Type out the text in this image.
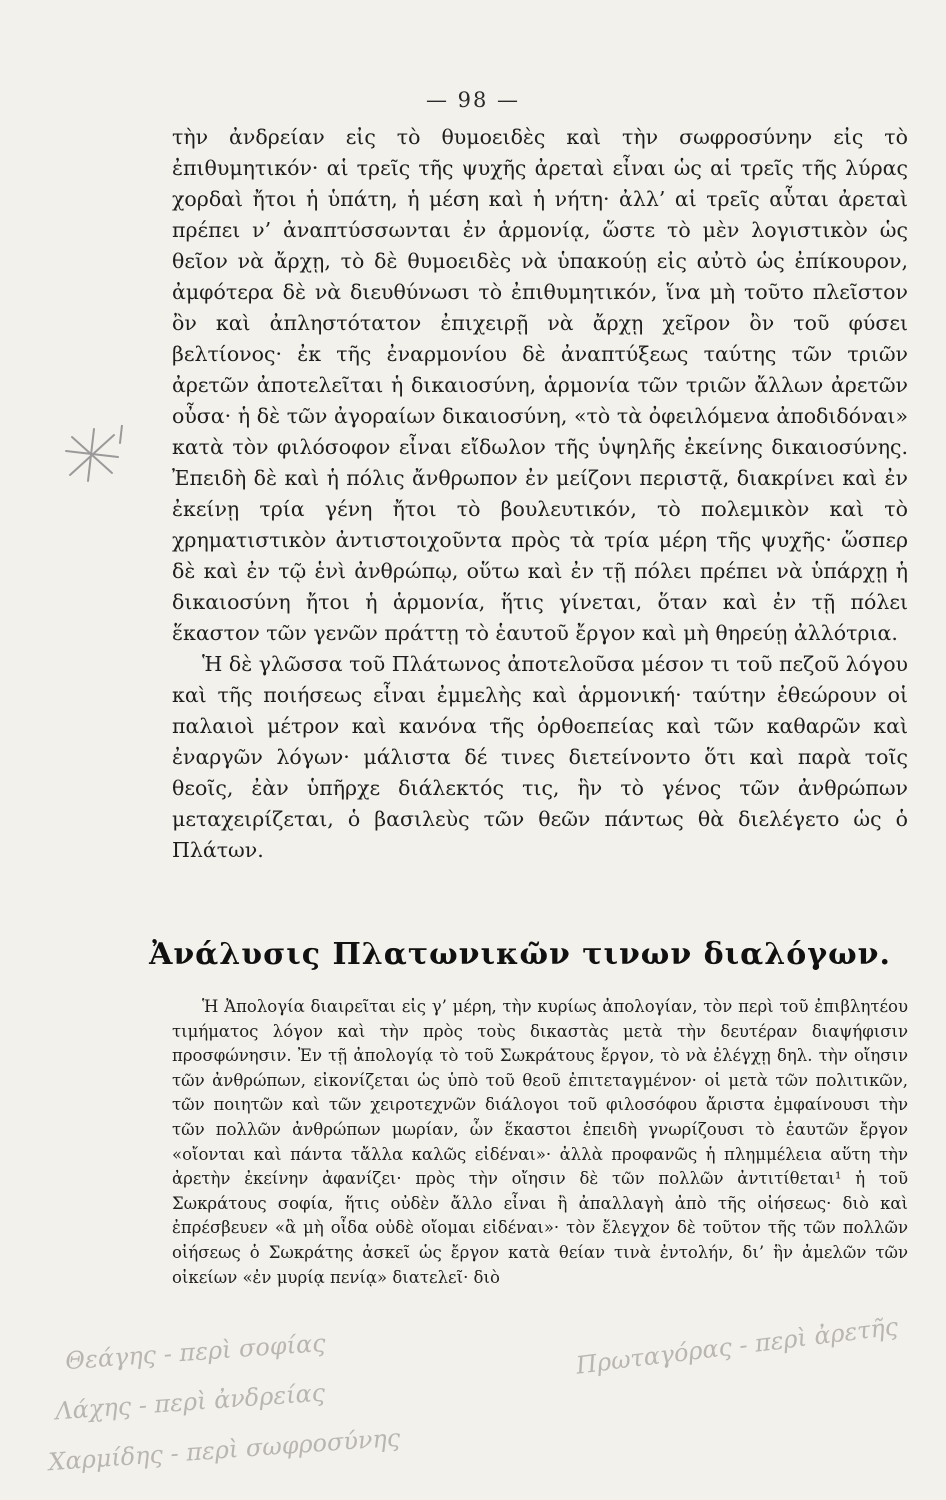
— 98 —

τὴν ἀνδρείαν εἰς τὸ θυμοειδὲς καὶ τὴν σωφροσύνην εἰς τὸ ἐπιθυμητικόν· αἱ τρεῖς τῆς ψυχῆς ἀρεταὶ εἶναι ὡς αἱ τρεῖς τῆς λύρας χορδαὶ ἤτοι ἡ ὑπάτη, ἡ μέση καὶ ἡ νήτη· ἀλλ’ αἱ τρεῖς αὗται ἀρεταὶ πρέπει ν’ ἀναπτύσσωνται ἐν ἁρμονίᾳ, ὥστε τὸ μὲν λογιστικὸν ὡς θεῖον νὰ ἄρχῃ, τὸ δὲ θυμοειδὲς νὰ ὑπακούῃ εἰς αὐτὸ ὡς ἐπίκουρον, ἀμφότερα δὲ νὰ διευθύνωσι τὸ ἐπιθυμητικόν, ἵνα μὴ τοῦτο πλεῖστον ὂν καὶ ἀπληστότατον ἐπιχειρῇ νὰ ἄρχῃ χεῖρον ὂν τοῦ φύσει βελτίονος· ἐκ τῆς ἐναρμονίου δὲ ἀναπτύξεως ταύτης τῶν τριῶν ἀρετῶν ἀποτελεῖται ἡ δικαιοσύνη, ἁρμονία τῶν τριῶν ἄλλων ἀρετῶν οὖσα· ἡ δὲ τῶν ἀγοραίων δικαιοσύνη, «τὸ τὰ ὀφειλόμενα ἀποδιδόναι» κατὰ τὸν φιλόσοφον εἶναι εἴδωλον τῆς ὑψηλῆς ἐκείνης δικαιοσύνης. Ἐπειδὴ δὲ καὶ ἡ πόλις ἄνθρωπον ἐν μείζονι περιστᾷ, διακρίνει καὶ ἐν ἐκείνῃ τρία γένη ἤτοι τὸ βουλευτικόν, τὸ πολεμικὸν καὶ τὸ χρηματιστικὸν ἀντιστοιχοῦντα πρὸς τὰ τρία μέρη τῆς ψυχῆς· ὥσπερ δὲ καὶ ἐν τῷ ἑνὶ ἀνθρώπῳ, οὕτω καὶ ἐν τῇ πόλει πρέπει νὰ ὑπάρχῃ ἡ δικαιοσύνη ἤτοι ἡ ἁρμονία, ἥτις γίνεται, ὅταν καὶ ἐν τῇ πόλει ἕκαστον τῶν γενῶν πράττῃ τὸ ἑαυτοῦ ἔργον καὶ μὴ θηρεύῃ ἀλλότρια.

Ἡ δὲ γλῶσσα τοῦ Πλάτωνος ἀποτελοῦσα μέσον τι τοῦ πεζοῦ λόγου καὶ τῆς ποιήσεως εἶναι ἐμμελὴς καὶ ἁρμονική· ταύτην ἐθεώρουν οἱ παλαιοὶ μέτρον καὶ κανόνα τῆς ὀρθοεπείας καὶ τῶν καθαρῶν καὶ ἐναργῶν λόγων· μάλιστα δέ τινες διετείνοντο ὅτι καὶ παρὰ τοῖς θεοῖς, ἐὰν ὑπῆρχε διάλεκτός τις, ἣν τὸ γένος τῶν ἀνθρώπων μεταχειρίζεται, ὁ βασιλεὺς τῶν θεῶν πάντως θὰ διελέγετο ὡς ὁ Πλάτων.

Ἀνάλυσις Πλατωνικῶν τινων διαλόγων.

Ἡ Ἀπολογία διαιρεῖται εἰς γ’ μέρη, τὴν κυρίως ἀπολογίαν, τὸν περὶ τοῦ ἐπιβλητέου τιμήματος λόγον καὶ τὴν πρὸς τοὺς δικαστὰς μετὰ τὴν δευτέραν διαψήφισιν προσφώνησιν. Ἐν τῇ ἀπολογίᾳ τὸ τοῦ Σωκράτους ἔργον, τὸ νὰ ἐλέγχῃ δηλ. τὴν οἴησιν τῶν ἀνθρώπων, εἰκονίζεται ὡς ὑπὸ τοῦ θεοῦ ἐπιτεταγμένον· οἱ μετὰ τῶν πολιτικῶν, τῶν ποιητῶν καὶ τῶν χειροτεχνῶν διάλογοι τοῦ φιλοσόφου ἄριστα ἐμφαίνουσι τὴν τῶν πολλῶν ἀνθρώπων μωρίαν, ὧν ἕκαστοι ἐπειδὴ γνωρίζουσι τὸ ἑαυτῶν ἔργον «οἴονται καὶ πάντα τἄλλα καλῶς εἰδέναι»· ἀλλὰ προφανῶς ἡ πλημμέλεια αὕτη τὴν ἀρετὴν ἐκείνην ἀφανίζει· πρὸς τὴν οἴησιν δὲ τῶν πολλῶν ἀντιτίθεται¹ ἡ τοῦ Σωκράτους σοφία, ἥτις οὐδὲν ἄλλο εἶναι ἢ ἀπαλλαγὴ ἀπὸ τῆς οἰήσεως· διὸ καὶ ἐπρέσβευεν «ἃ μὴ οἶδα οὐδὲ οἴομαι εἰδέναι»· τὸν ἔλεγχον δὲ τοῦτον τῆς τῶν πολλῶν οἰήσεως ὁ Σωκράτης ἀσκεῖ ὡς ἔργον κατὰ θείαν τινὰ ἐντολήν, δι’ ἣν ἀμελῶν τῶν οἰκείων «ἐν μυρίᾳ πενίᾳ» διατελεῖ· διὸ

Θεάγης - περὶ σοφίας
Λάχης - περὶ ἀνδρείας
Χαρμίδης - περὶ σωφροσύνης
Πρωταγόρας - περὶ ἀρετῆς
